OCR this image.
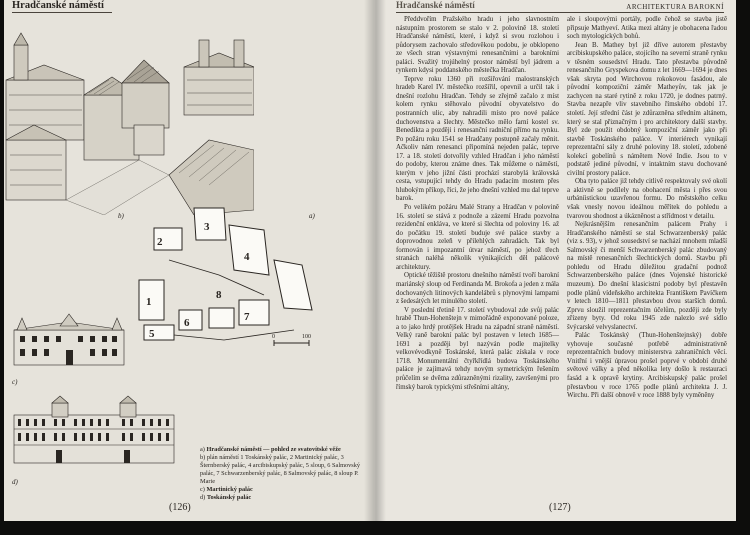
Hradčanské náměstí
2
3
4
1
5
6	7
8
0	100
b)	a)
c)
d)
a) Hradčanské náměstí — pohled ze svatovítské věže
b) plán náměstí 1 Toskánský palác, 2 Martinický palác, 3 Šternberský palác, 4 arcibiskupský palác, 5 sloup, 6 Salmovský palác, 7 Schwarzenberský palác, 8 Salmovský palác, 8 sloup P. Marie
c) Martinický palác
d) Toskánský palác
(126)
Hradčanské náměstí	ARCHITEKTURA BAROKNÍ

Předdvořím Pražského hradu i jeho slavnostním nástupním prostorem se stalo v 2. polovině 18. století Hradčanské náměstí, které, i když si svou rozlohou i půdorysem zachovalo středověkou podobu, je obklopeno ze všech stran výstavnými renesančními a barokními paláci. Svažitý trojúhelný prostor náměstí byl jádrem a rynkem kdysi poddanského městečka Hradčan.

Teprve roku 1360 při rozšiřování malostranských hradeb Karel IV. městečko rozšířil, opevnil a určil tak i dnešní rozlohu Hradčan. Tehdy se zřejmě začalo z míst kolem rynku stěhovalo původní obyvatelstvo do postranních ulic, aby nahradili místo pro nové paláce duchovenstva a šlechty. Městečko mělo farní kostel sv. Benedikta a později i renesanční radniční přímo na rynku. Po požáru roku 1541 se Hradčany postupně začaly měnit. Ačkoliv nám renesanci připomíná nejeden palác, teprve 17. a 18. století dotvořily vzhled Hradčan i jeho náměstí do podoby, kterou známe dnes. Tak můžeme o náměstí, kterým v jeho jižní části prochází starobylá královská cesta, vstupující tehdy do Hradu padacím mostem přes hlubokým příkop, říci, že jeho dnešní vzhled mu dal teprve barok.

Po velikém požáru Malé Strany a Hradčan v polovině 16. století se stává z podnože a zázemí Hradu pozvolna rezidenční enkláva, ve které si šlechta od poloviny 16. až do počátku 19. století buduje své paláce stavby a doprovodnou zeleň v přilehlých zahradách. Tak byl formován i impozantní útvar náměstí, po jehož třech stranách naléhá několik výnikajících děl palácové architektury.

Optické těžiště prostoru dnešního náměstí tvoří barokní mariánský sloup od Ferdinanda M. Brokofa a jeden z mála dochovaných litinových kandelábrů s plynovými lampami z šedesátých let minulého století.

V poslední třetině 17. století vybudoval zde svůj palác hrabě Thun-Hohenštejn v mimořádně exponované poloze, a to jako hrdý protějšek Hradu na západní straně náměstí. Velký raně barokní palác byl postaven v letech 1685—1691 a později byl nazýván podle majitelky velkovévodkyně Toskánské, která palác získala v roce 1718. Monumentální čtyřkřídlá budova Toskánského paláce je zajímavá tehdy novým symetrickým řešením průčelím se dvěma zdůrazněnými rizality, završenými pro římský barok typickými střešními altány,

ale i sloupovými portály, podle čehož se stavba jistě připsuje Mathyeví. Atika mezi altány je obohacena řadou soch mytologických bohů.

Jean B. Mathey byl již dříve autorem přestavby arcibiskupského paláce, stojícího na severní straně rynku v těsném sousedství Hradu. Tato přestavba původně renesančního Gryspekova domu z let 1669—1694 je dnes však skryta pod Wirchovou rokokovou fasádou, ale původní kompoziční záměr Matheyův, tak jak je zachycen na staré rytině z roku 1720, je dodnes patrný. Stavba nezapře vliv stavebního římského období 17. století. Její střední část je zdůrazněna středním altánem, který se stal přiznačným i pro architektory další stavby. Byl zde použit obdobný kompoziční záměr jako při stavbě Toskánského paláce. V interiérech vynikají reprezentační sály z druhé poloviny 18. století, zdobené kolekcí gobelínů s námětem Nové Indie. Jsou to v podstatě jediné původní, v intaktním stavu dochované civilní prostory paláce.

Oba tyto paláce již tehdy citlivě respektovaly své okolí a aktivně se podílely na obohacení města i přes svou urbáníistickou uzavřenou formu. Do městského celku však vnesly novou ideálnou měřítek do pohledu a tvarovou shodnost a úkázněnost a střídmost v detailu.

Nejkrásnějším renesančním palácem Prahy i Hradčanského náměstí se stal Schwarzenberský palác (viz s. 93), v jehož sousedství se nachází mnohem mladší Salmovský či menší Schwarzenberský palác zbudovaný na místě renesančních šlechtických domů. Stavbu při pohledu od Hradu důležitou gradační podnož Schwarzenberského paláce (dnes Vojenské historické muzeum). Do dnešní klasicistní podoby byl přestavěn podle plánů vídeňského architekta Františkem Pavíčkem v letech 1810—1811 přestavbou dvou starších domů. Zprvu sloužil reprezentačním účelům, později zde byly zřízeny byty. Od roku 1945 zde nalezlo své sídlo švýcarské velvyslanectví.

Palác Toskánský (Thun-Hohenštejnský) dobře vyhovuje současné potřebě administrativně reprezentačních budovy ministerstva zahraničních věcí. Vnitřní i vnější úpravou prošel poprvé v období druhé světové války a před několika lety došlo k restauraci fasád a k opravě krytiny. Arcibiskupský palác prošel přestavbou v roce 1765 podle plánů architekta J. J. Wirchu. Při další obnově v roce 1888 byly vyměněny

(127)
